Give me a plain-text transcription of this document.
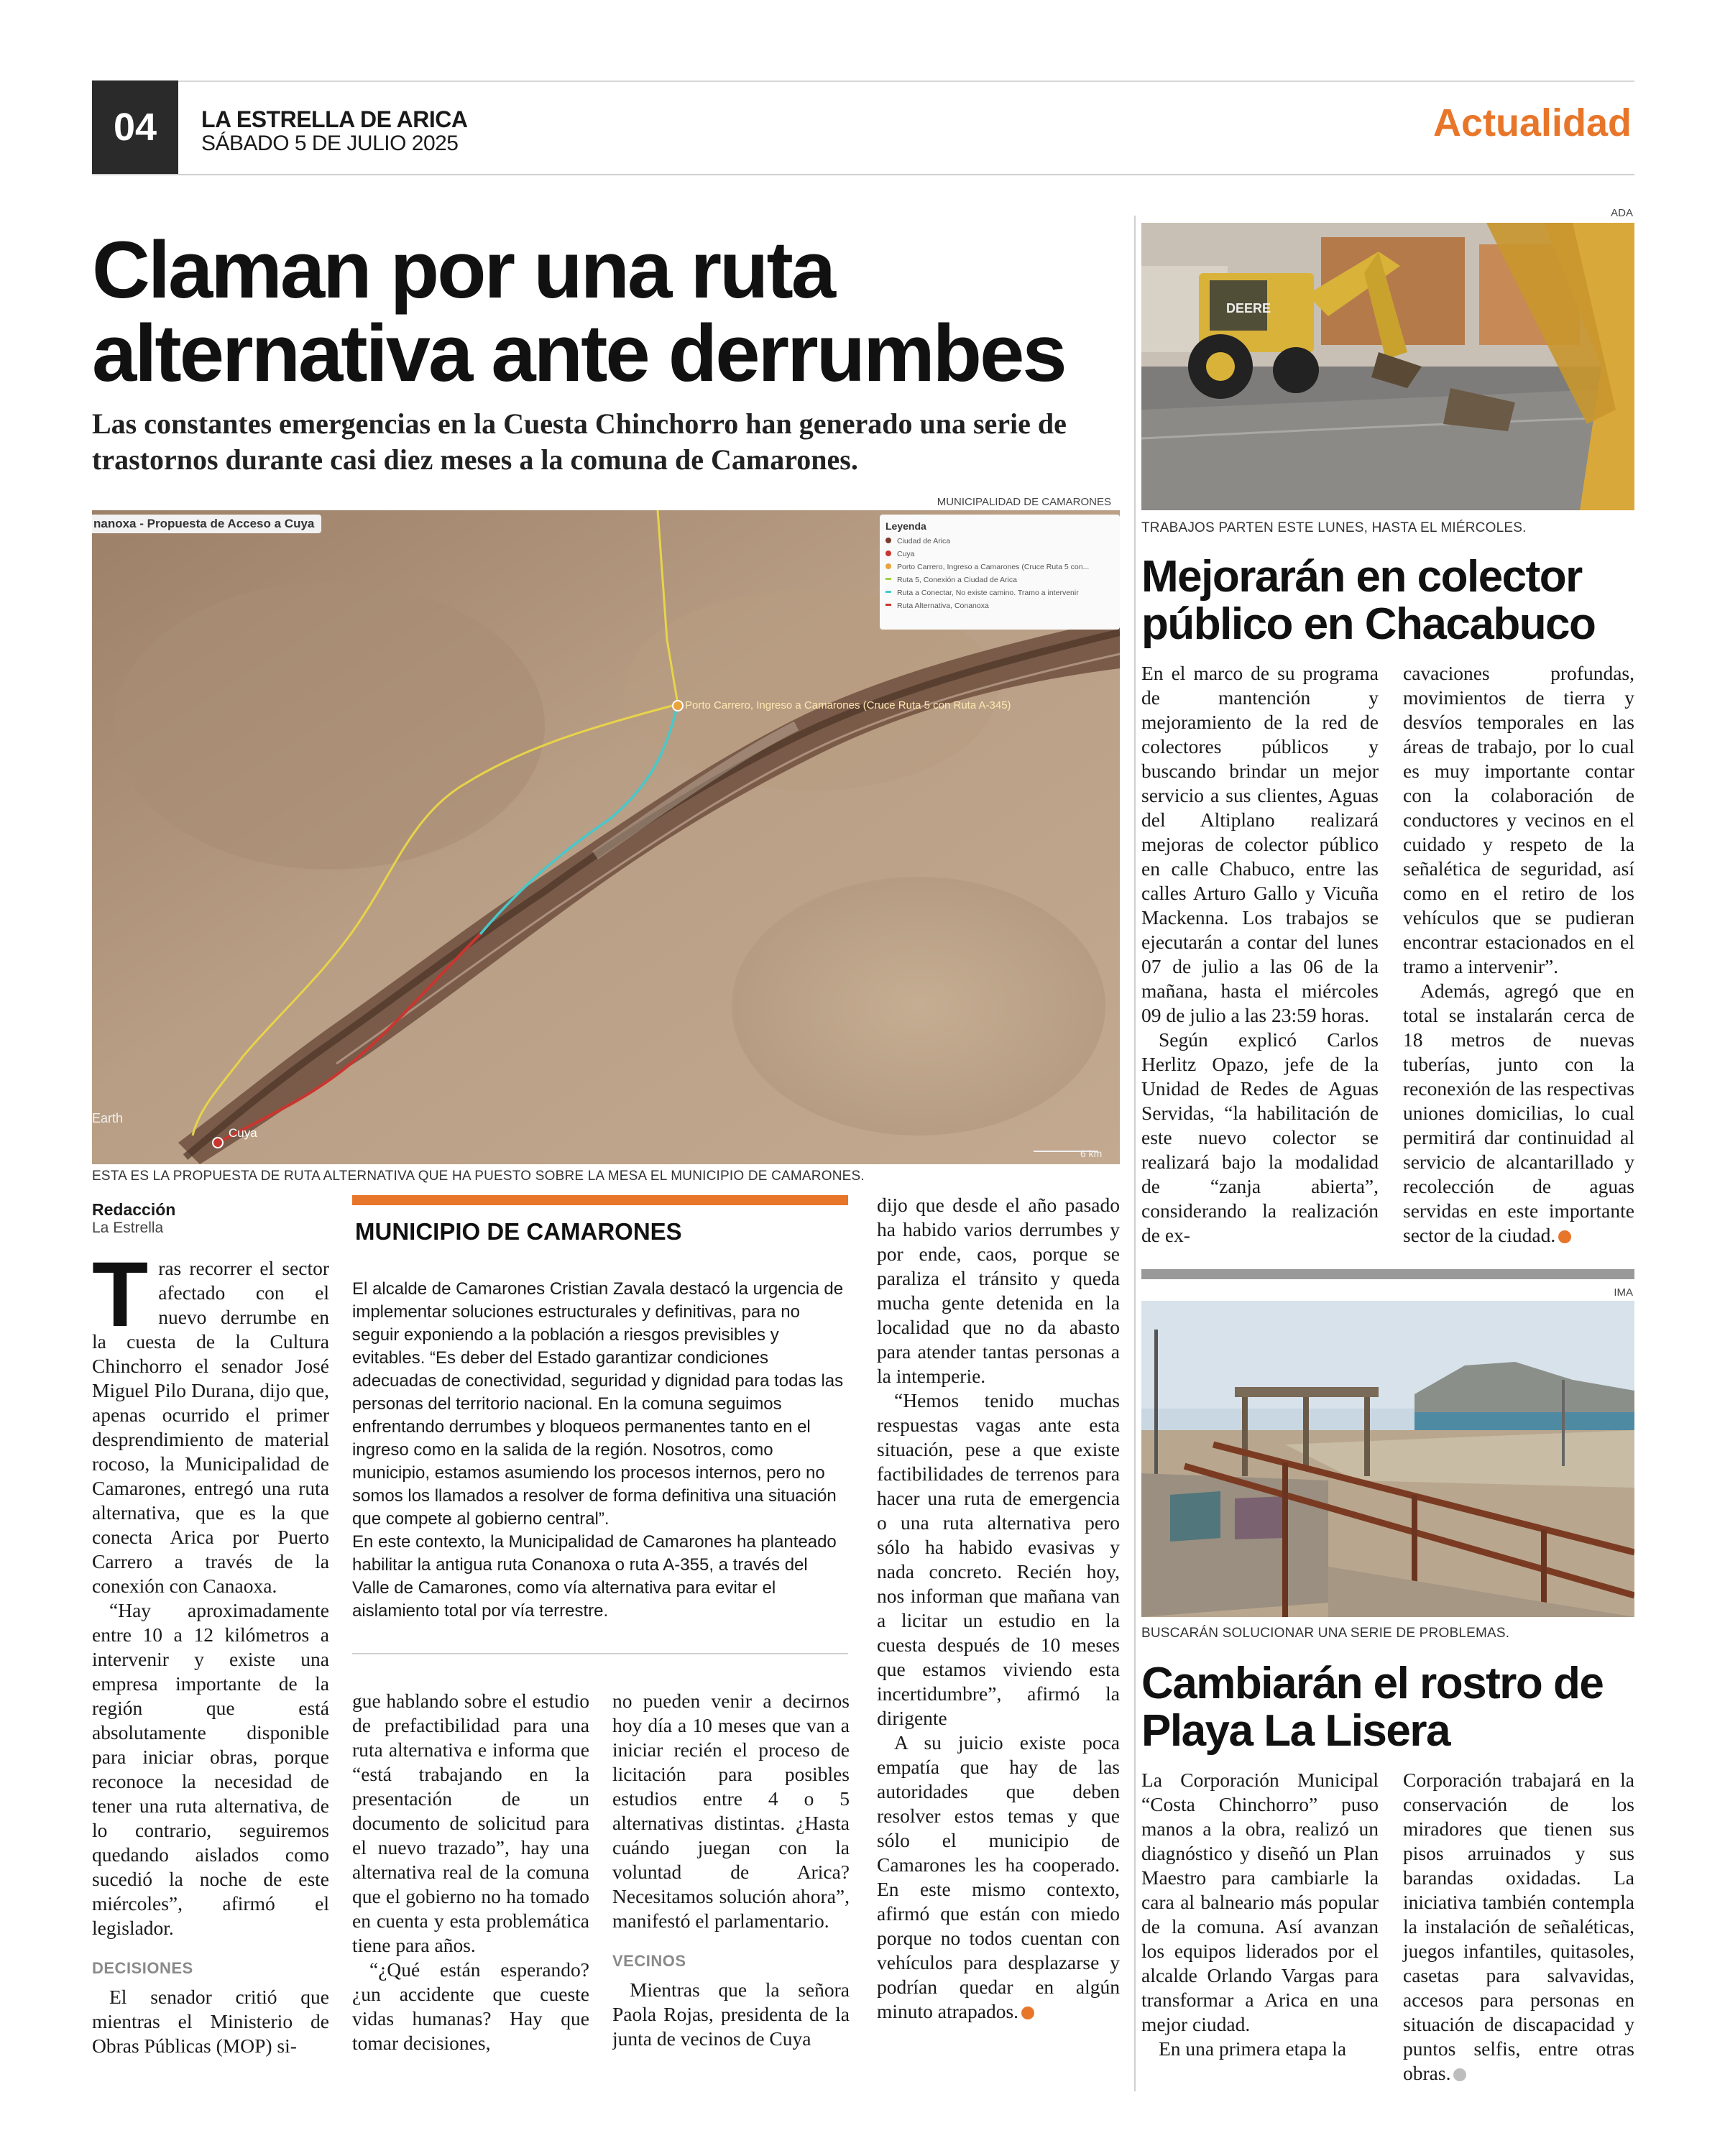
04	LA ESTRELLA DE ARICA
SÁBADO 5 DE JULIO 2025	Actualidad
Claman por una ruta alternativa ante derrumbes
Las constantes emergencias en la Cuesta Chinchorro han generado una serie de trastornos durante casi diez meses a la comuna de Camarones.
MUNICIPALIDAD DE CAMARONES
Porto Carrero, Ingreso a Camarones (Cruce Ruta 5 con Ruta A-345)
Cuya
Earth
6 km
nanoxa - Propuesta de Acceso a Cuya	Leyenda
Ciudad de Arica
Cuya
Porto Carrero, Ingreso a Camarones (Cruce Ruta 5 con...
Ruta 5, Conexión a Ciudad de Arica
Ruta a Conectar, No existe camino. Tramo a intervenir
Ruta Alternativa, Conanoxa
ESTA ES LA PROPUESTA DE RUTA ALTERNATIVA QUE HA PUESTO SOBRE LA MESA EL MUNICIPIO DE CAMARONES.
Redacción
La Estrella

Tras recorrer el sector afectado con el nuevo derrumbe en la cuesta de la Cultura Chinchorro el senador José Miguel Pilo Durana, dijo que, apenas ocurrido el primer desprendimiento de material rocoso, la Municipalidad de Camarones, entregó una ruta alternativa, que es la que conecta Arica por Puerto Carrero a través de la conexión con Canaoxa.

“Hay aproximadamente entre 10 a 12 kilómetros a intervenir y existe una empresa importante de la región que está absolutamente disponible para iniciar obras, porque reconoce la necesidad de tener una ruta alternativa, de lo contrario, seguiremos quedando aislados como sucedió la noche de este miércoles”, afirmó el legislador.

DECISIONES

El senador critió que mientras el Ministerio de Obras Públicas (MOP) si-

MUNICIPIO DE CAMARONES
El alcalde de Camarones Cristian Zavala destacó la urgencia de implementar soluciones estructurales y definitivas, para no seguir exponiendo a la población a riesgos previsibles y evitables. “Es deber del Estado garantizar condiciones adecuadas de conectividad, seguridad y dignidad para todas las personas del territorio nacional. En la comuna seguimos enfrentando derrumbes y bloqueos permanentes tanto en el ingreso como en la salida de la región. Nosotros, como municipio, estamos asumiendo los procesos internos, pero no somos los llamados a resolver de forma definitiva una situación que compete al gobierno central”.
En este contexto, la Municipalidad de Camarones ha planteado habilitar la antigua ruta Conanoxa o ruta A-355, a través del Valle de Camarones, como vía alternativa para evitar el aislamiento total por vía terrestre.

gue hablando sobre el estudio de prefactibilidad para una ruta alternativa e informa que “está trabajando en la presentación de un documento de solicitud para el nuevo trazado”, hay una alternativa real de la comuna que el gobierno no ha tomado en cuenta y esta problemática tiene para años.

“¿Qué están esperando? ¿un accidente que cueste vidas humanas? Hay que tomar decisiones,

no pueden venir a decirnos hoy día a 10 meses que van a iniciar recién el proceso de licitación para posibles estudios entre 4 o 5 alternativas distintas. ¿Hasta cuándo juegan con la voluntad de Arica? Necesitamos solución ahora”, manifestó el parlamentario.

VECINOS

Mientras que la señora Paola Rojas, presidenta de la junta de vecinos de Cuya

dijo que desde el año pasado ha habido varios derrumbes y por ende, caos, porque se paraliza el tránsito y queda mucha gente detenida en la localidad que no da abasto para atender tantas personas a la intemperie.

“Hemos tenido muchas respuestas vagas ante esta situación, pese a que existe factibilidades de terrenos para hacer una ruta de emergencia o una ruta alternativa pero sólo ha habido evasivas y nada concreto. Recién hoy, nos informan que mañana van a licitar un estudio en la cuesta después de 10 meses que estamos viviendo esta incertidumbre”, afirmó la dirigente

A su juicio existe poca empatía que hay de las autoridades que deben resolver estos temas y que sólo el municipio de Camarones les ha cooperado. En este mismo contexto, afirmó que están con miedo porque no todos cuentan con vehículos para desplazarse y podrían quedar en algún minuto atrapados.

ADA
DEERE
TRABAJOS PARTEN ESTE LUNES, HASTA EL MIÉRCOLES.
Mejorarán en colector público en Chacabuco

En el marco de su programa de mantención y mejoramiento de la red de colectores públicos y buscando brindar un mejor servicio a sus clientes, Aguas del Altiplano realizará mejoras de colector público en calle Chabuco, entre las calles Arturo Gallo y Vicuña Mackenna. Los trabajos se ejecutarán a contar del lunes 07 de julio a las 06 de la mañana, hasta el miércoles 09 de julio a las 23:59 horas.

Según explicó Carlos Herlitz Opazo, jefe de la Unidad de Redes de Aguas Servidas, “la habilitación de este nuevo colector se realizará bajo la modalidad de “zanja abierta”, considerando la realización de ex-

cavaciones profundas, movimientos de tierra y desvíos temporales en las áreas de trabajo, por lo cual es muy importante contar con la colaboración de conductores y vecinos en el cuidado y respeto de la señalética de seguridad, así como en el retiro de los vehículos que se pudieran encontrar estacionados en el tramo a intervenir”.

Además, agregó que en total se instalarán cerca de 18 metros de nuevas tuberías, junto con la reconexión de las respectivas uniones domicilias, lo cual permitirá dar continuidad al servicio de alcantarillado y recolección de aguas servidas en este importante sector de la ciudad.

IMA
BUSCARÁN SOLUCIONAR UNA SERIE DE PROBLEMAS.
Cambiarán el rostro de Playa La Lisera

La Corporación Municipal “Costa Chinchorro” puso manos a la obra, realizó un diagnóstico y diseñó un Plan Maestro para cambiarle la cara al balneario más popular de la comuna. Así avanzan los equipos liderados por el alcalde Orlando Vargas para transformar a Arica en una mejor ciudad.

En una primera etapa la

Corporación trabajará en la conservación de los miradores que tienen sus pisos arruinados y sus barandas oxidadas. La iniciativa también contempla la instalación de señaléticas, juegos infantiles, quitasoles, casetas para salvavidas, accesos para personas en situación de discapacidad y puntos selfis, entre otras obras.
